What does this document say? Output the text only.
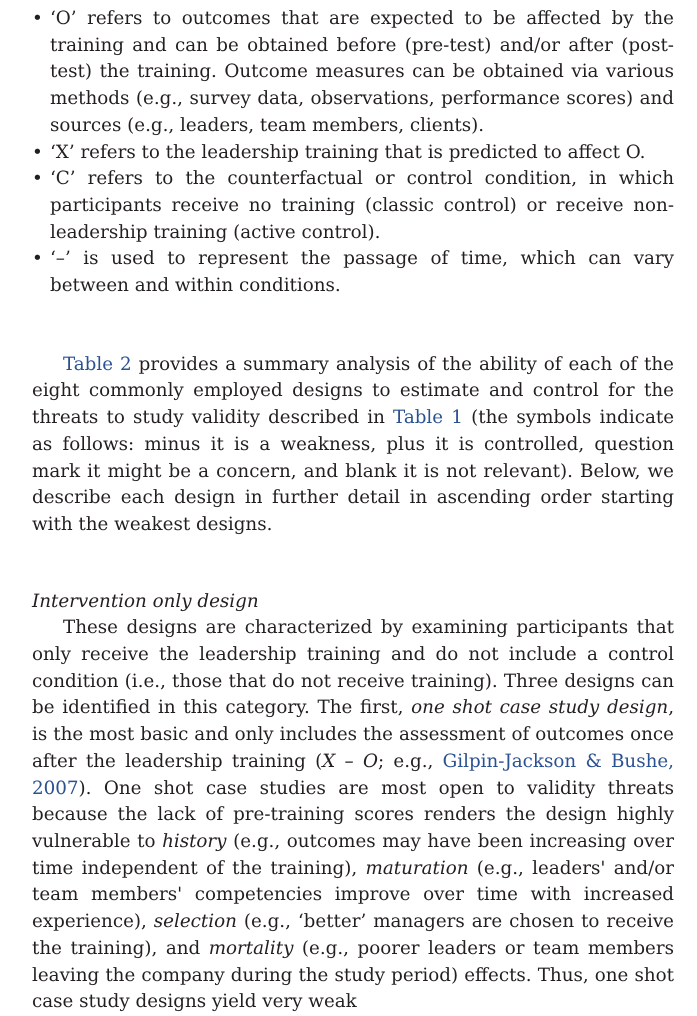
• ‘O’ refers to outcomes that are expected to be affected by the training and can be obtained before (pre-test) and/or after (post-test) the training. Outcome measures can be obtained via various methods (e.g., survey data, observations, performance scores) and sources (e.g., leaders, team members, clients).
• ‘X’ refers to the leadership training that is predicted to affect O.
• ‘C’ refers to the counterfactual or control condition, in which participants receive no training (classic control) or receive non-leadership training (active control).
• ‘–’ is used to represent the passage of time, which can vary between and within conditions.

Table 2 provides a summary analysis of the ability of each of the eight commonly employed designs to estimate and control for the threats to study validity described in Table 1 (the symbols indicate as follows: minus it is a weakness, plus it is controlled, question mark it might be a concern, and blank it is not relevant). Below, we describe each design in further detail in ascending order starting with the weakest designs.

Intervention only design

These designs are characterized by examining participants that only receive the leadership training and do not include a control condition (i.e., those that do not receive training). Three designs can be identified in this category. The first, one shot case study design, is the most basic and only includes the assessment of outcomes once after the leadership training (X – O; e.g., Gilpin-Jackson & Bushe, 2007). One shot case studies are most open to validity threats because the lack of pre-training scores renders the design highly vulnerable to history (e.g., outcomes may have been increasing over time independent of the training), maturation (e.g., leaders' and/or team members' competencies improve over time with increased experience), selection (e.g., ‘better’ managers are chosen to receive the training), and mortality (e.g., poorer leaders or team members leaving the company during the study period) effects. Thus, one shot case study designs yield very weak
